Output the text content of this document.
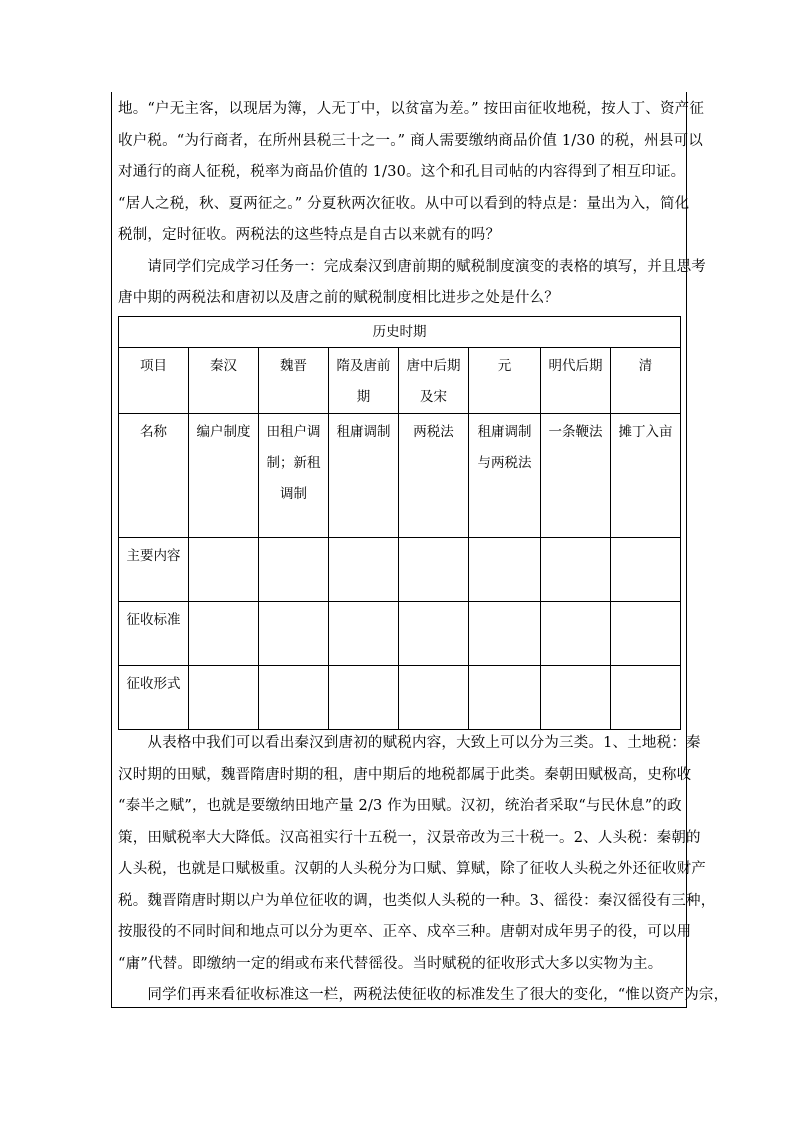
地。“户无主客，以现居为簿，人无丁中，以贫富为差。” 按田亩征收地税，按人丁、资产征
收户税。“为行商者，在所州县税三十之一。” 商人需要缴纳商品价值 1/30 的税，州县可以
对通行的商人征税，税率为商品价值的 1/30。这个和孔目司帖的内容得到了相互印证。
“居人之税，秋、夏两征之。” 分夏秋两次征收。从中可以看到的特点是：量出为入，简化
税制，定时征收。两税法的这些特点是自古以来就有的吗？
　　请同学们完成学习任务一：完成秦汉到唐前期的赋税制度演变的表格的填写，并且思考
唐中期的两税法和唐初以及唐之前的赋税制度相比进步之处是什么？
历史时期							
项目	秦汉	魏晋	隋及唐前期	唐中后期及宋	元	明代后期	清
名称	编户制度	田租户调制；新租调制	租庸调制	两税法	租庸调制与两税法	一条鞭法	摊丁入亩
主要内容							
征收标准							
征收形式							
　　从表格中我们可以看出秦汉到唐初的赋税内容，大致上可以分为三类。1、土地税：秦
汉时期的田赋，魏晋隋唐时期的租，唐中期后的地税都属于此类。秦朝田赋极高，史称收
“泰半之赋”，也就是要缴纳田地产量 2/3 作为田赋。汉初，统治者采取“与民休息”的政
策，田赋税率大大降低。汉高祖实行十五税一，汉景帝改为三十税一。2、人头税：秦朝的
人头税，也就是口赋极重。汉朝的人头税分为口赋、算赋，除了征收人头税之外还征收财产
税。魏晋隋唐时期以户为单位征收的调，也类似人头税的一种。3、徭役：秦汉徭役有三种，
按服役的不同时间和地点可以分为更卒、正卒、戍卒三种。唐朝对成年男子的役，可以用
“庸”代替。即缴纳一定的绢或布来代替徭役。当时赋税的征收形式大多以实物为主。
　　同学们再来看征收标准这一栏，两税法使征收的标准发生了很大的变化，“惟以资产为宗，
